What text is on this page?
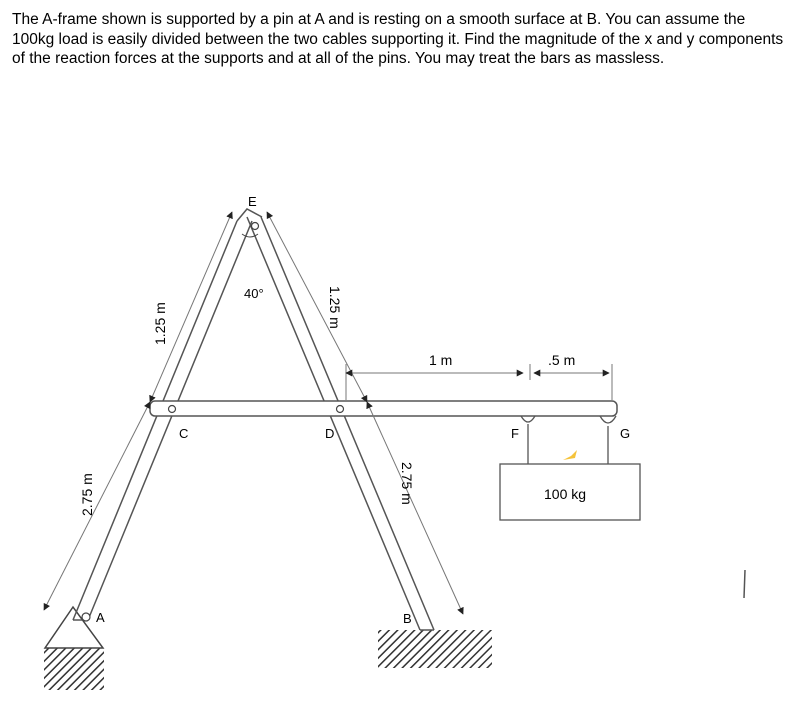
The A-frame shown is supported by a pin at A and is resting on a smooth surface at B. You can assume the 100kg load is easily divided between the two cables supporting it. Find the magnitude of the x and y components of the reaction forces at the supports and at all of the pins. You may treat the bars as massless.

A	B
C	D
E
F	G
40°
1.25 m
2.75 m
1.25 m
2.75 m
1 m	.5 m
100 kg
